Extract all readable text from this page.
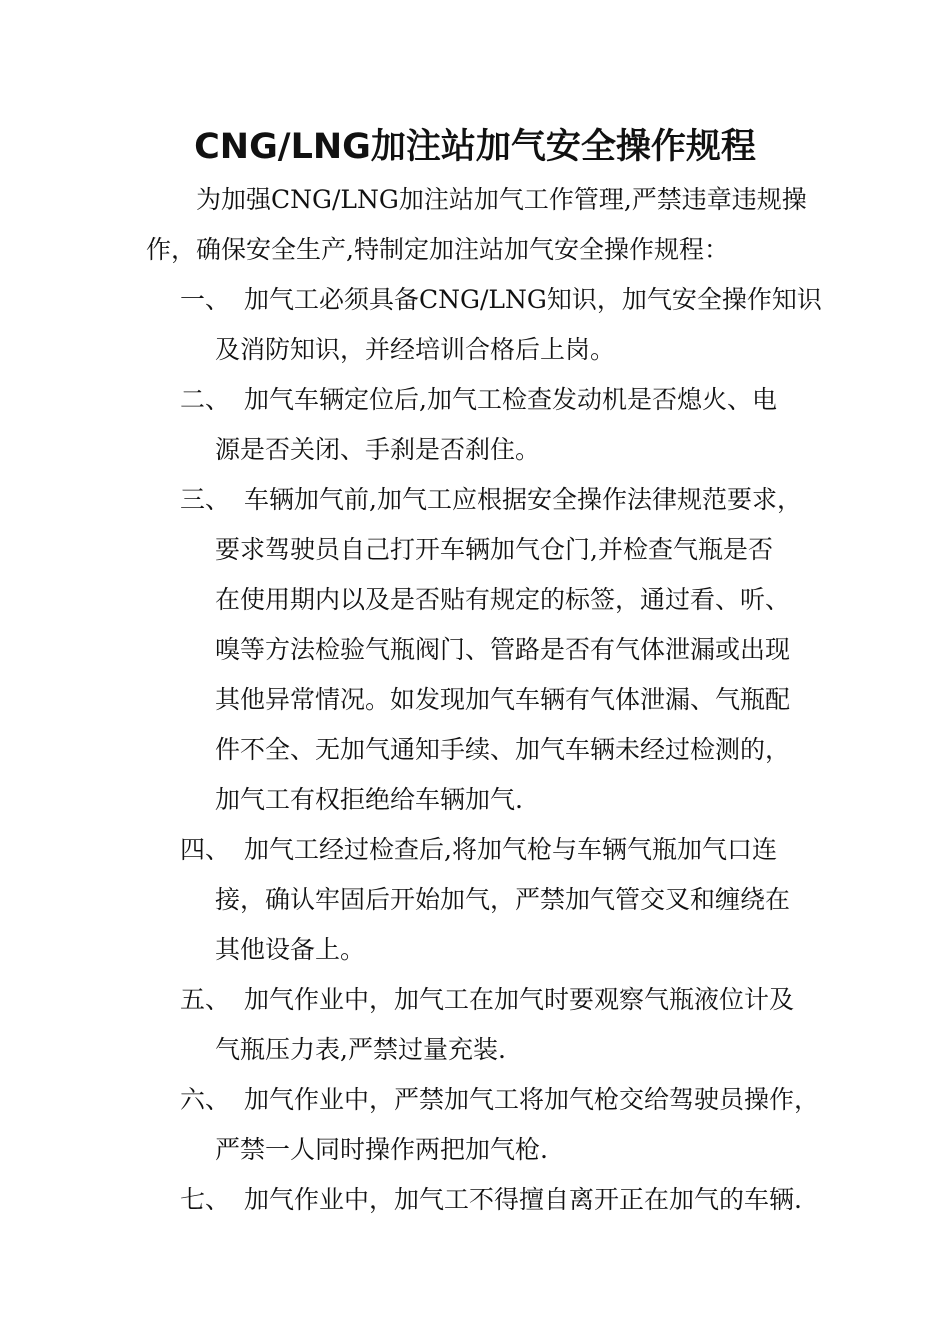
CNG/LNG加注站加气安全操作规程
为加强CNG/LNG加注站加气工作管理,严禁违章违规操
作，确保安全生产,特制定加注站加气安全操作规程：
一、 加气工必须具备CNG/LNG知识，加气安全操作知识
及消防知识，并经培训合格后上岗。
二、 加气车辆定位后,加气工检查发动机是否熄火、电
源是否关闭、手刹是否刹住。
三、 车辆加气前,加气工应根据安全操作法律规范要求，
要求驾驶员自己打开车辆加气仓门,并检查气瓶是否
在使用期内以及是否贴有规定的标签，通过看、听、
嗅等方法检验气瓶阀门、管路是否有气体泄漏或出现
其他异常情况。如发现加气车辆有气体泄漏、气瓶配
件不全、无加气通知手续、加气车辆未经过检测的，
加气工有权拒绝给车辆加气.
四、 加气工经过检查后,将加气枪与车辆气瓶加气口连
接，确认牢固后开始加气，严禁加气管交叉和缠绕在
其他设备上。
五、 加气作业中，加气工在加气时要观察气瓶液位计及
气瓶压力表,严禁过量充装.
六、 加气作业中，严禁加气工将加气枪交给驾驶员操作，
严禁一人同时操作两把加气枪.
七、 加气作业中，加气工不得擅自离开正在加气的车辆.
